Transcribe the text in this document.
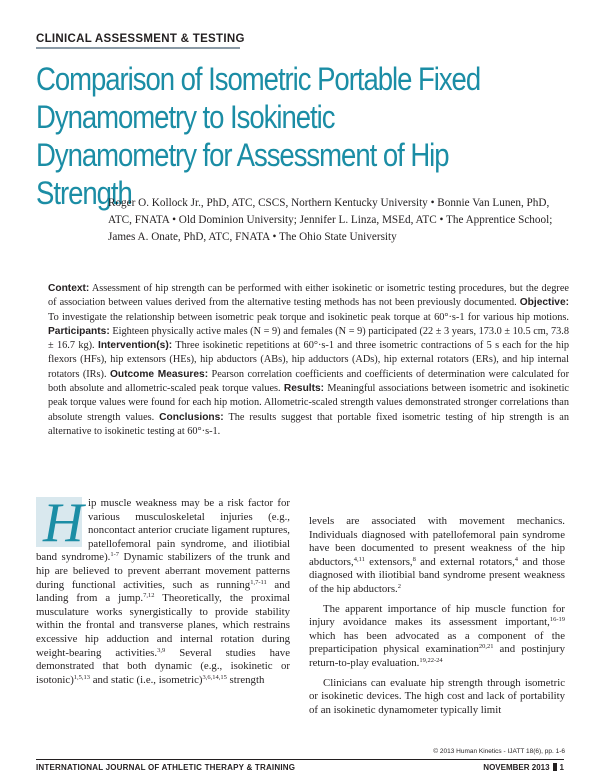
CLINICAL ASSESSMENT & TESTING
Comparison of Isometric Portable Fixed Dynamometry to Isokinetic Dynamometry for Assessment of Hip Strength
Roger O. Kollock Jr., PhD, ATC, CSCS, Northern Kentucky University • Bonnie Van Lunen, PhD, ATC, FNATA • Old Dominion University; Jennifer L. Linza, MSEd, ATC • The Apprentice School; James A. Onate, PhD, ATC, FNATA • The Ohio State University
Context: Assessment of hip strength can be performed with either isokinetic or isometric testing procedures, but the degree of association between values derived from the alternative testing methods has not been previously documented. Objective: To investigate the relationship between isometric peak torque and isokinetic peak torque at 60°·s-1 for various hip motions. Participants: Eighteen physically active males (N = 9) and females (N = 9) participated (22 ± 3 years, 173.0 ± 10.5 cm, 73.8 ± 16.7 kg). Intervention(s): Three isokinetic repetitions at 60°·s-1 and three isometric contractions of 5 s each for the hip flexors (HFs), hip extensors (HEs), hip abductors (ABs), hip adductors (ADs), hip external rotators (ERs), and hip internal rotators (IRs). Outcome Measures: Pearson correlation coefficients and coefficients of determination were calculated for both absolute and allometric-scaled peak torque values. Results: Meaningful associations between isometric and isokinetic peak torque values were found for each hip motion. Allometric-scaled strength values demonstrated stronger correlations than absolute strength values. Conclusions: The results suggest that portable fixed isometric testing of hip strength is an alternative to isokinetic testing at 60°·s-1.
H ip muscle weakness may be a risk factor for various musculoskeletal injuries (e.g., noncontact anterior cruciate ligament ruptures, patellofemoral pain syndrome, and iliotibial band syndrome).$^{1-7}$ Dynamic stabilizers of the trunk and hip are believed to prevent aberrant movement patterns during functional activities, such as running$^{1,7-11}$ and landing from a jump.$^{7,12}$ Theoretically, the proximal musculature works synergistically to provide stability within the frontal and transverse planes, which restrains excessive hip adduction and internal rotation during weight-bearing activities.$^{3,9}$ Several studies have demonstrated that both dynamic (e.g., isokinetic or isotonic)$^{1,5,13}$ and static (i.e., isometric)$^{3,6,14,15}$ strength

levels are associated with movement mechanics. Individuals diagnosed with patellofemoral pain syndrome have been documented to present weakness of the hip abductors,$^{4,11}$ extensors,$^8$ and external rotators,$^4$ and those diagnosed with iliotibial band syndrome present weakness of the hip abductors.$^2$

The apparent importance of hip muscle function for injury avoidance makes its assessment important,$^{16-19}$ which has been advocated as a component of the preparticipation physical examination$^{20,21}$ and postinjury return-to-play evaluation.$^{19,22-24}$

Clinicians can evaluate hip strength through isometric or isokinetic devices. The high cost and lack of portability of an isokinetic dynamometer typically limit

© 2013 Human Kinetics - IJATT 18(6), pp. 1-6
INTERNATIONAL JOURNAL OF ATHLETIC THERAPY & TRAINING	NOVEMBER 2013 1
